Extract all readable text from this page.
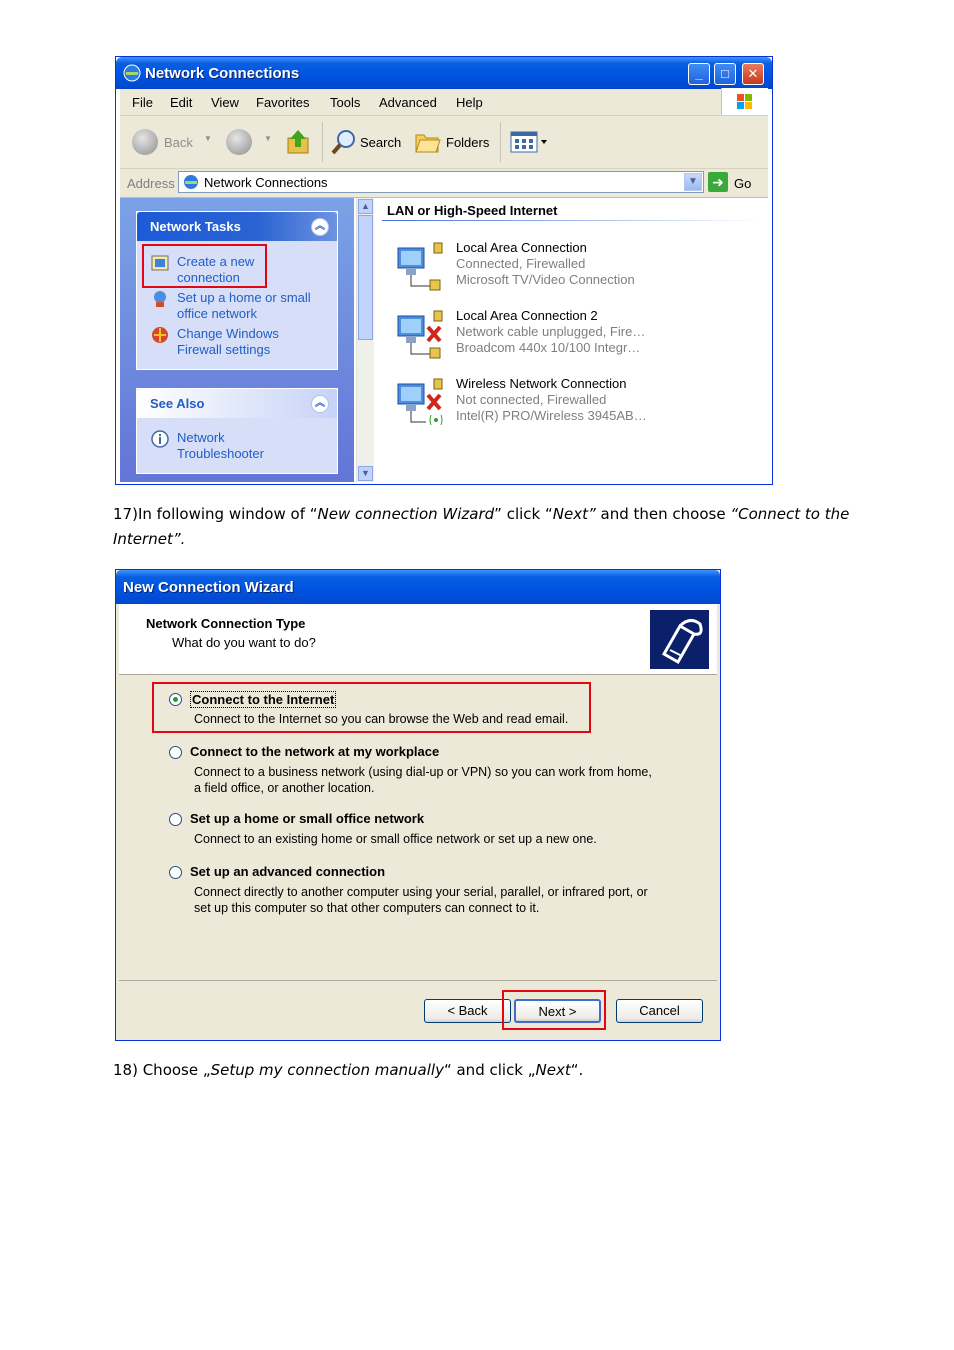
Network Connections	_	□	✕
File Edit View Favorites Tools Advanced Help
Back ▼	▼	Search	Folders
Address Network Connections	▼ ➜ Go
Network Tasks	︽
Create a new
connection
Set up a home or small
office network
Change Windows
Firewall settings
See Also	︽
Network
Troubleshooter
▲
▼
LAN or High-Speed Internet
Local Area Connection
Connected, Firewalled
Microsoft TV/Video Connection
Local Area Connection 2
Network cable unplugged, Fire…
Broadcom 440x 10/100 Integr…
Wireless Network Connection
Not connected, Firewalled
Intel(R) PRO/Wireless 3945AB…
17)In following window of “New connection Wizard” click “Next” and then choose “Connect to the
Internet”.
New Connection Wizard
Network Connection Type
What do you want to do?
Connect to the Internet
Connect to the Internet so you can browse the Web and read email.
Connect to the network at my workplace
Connect to a business network (using dial-up or VPN) so you can work from home,
a field office, or another location.
Set up a home or small office network
Connect to an existing home or small office network or set up a new one.
Set up an advanced connection
Connect directly to another computer using your serial, parallel, or infrared port, or
set up this computer so that other computers can connect to it.
< Back	Next >	Cancel
18) Choose „Setup my connection manually“ and click „Next“.
